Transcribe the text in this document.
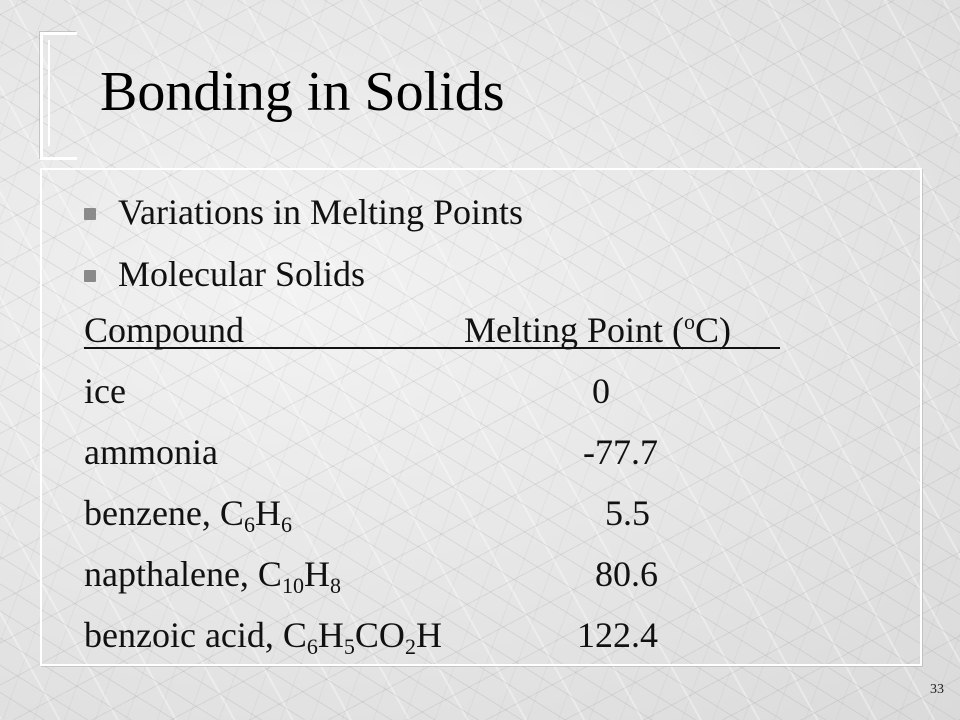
Bonding in Solids
Variations in Melting Points
Molecular Solids
Compound	Melting Point ($^o$C)
ice	0
ammonia	-77.7
benzene, $C_6H_6$	5.5
napthalene, $C_{10}H_8$	80.6
benzoic acid, $C_6H_5CO_2H$	122.4
33
